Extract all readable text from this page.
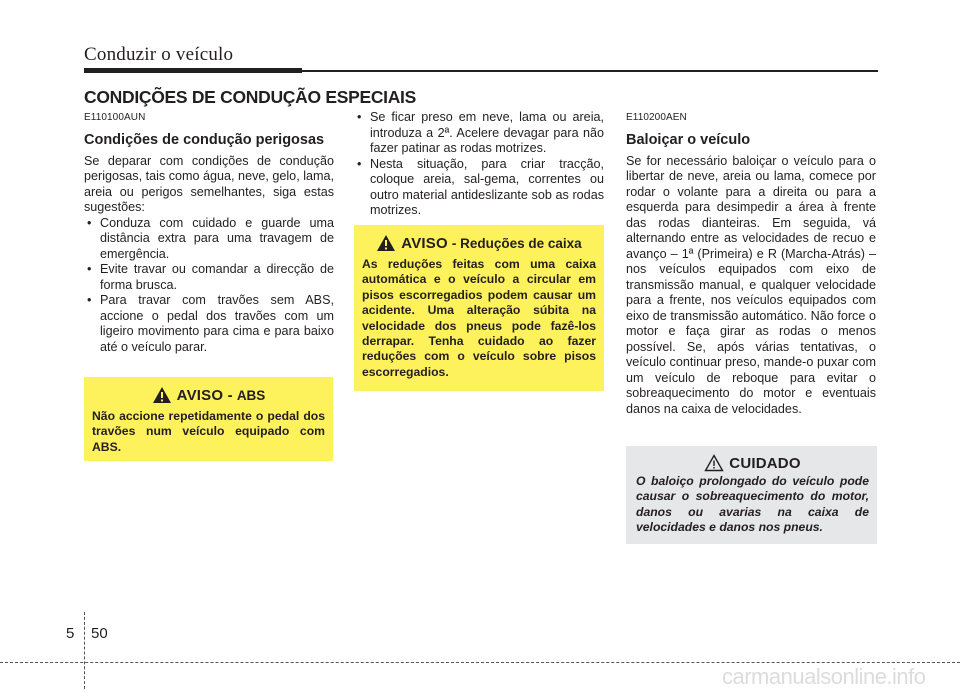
Conduzir o veículo
CONDIÇÕES DE CONDUÇÃO ESPECIAIS

E110100AUN

Condições de condução perigosas

Se deparar com condições de condução perigosas, tais como água, neve, gelo, lama, areia ou perigos semelhantes, siga estas sugestões:

• Conduza com cuidado e guarde uma distância extra para uma travagem de emergência.
• Evite travar ou comandar a direcção de forma brusca.
• Para travar com travões sem ABS, accione o pedal dos travões com um ligeiro movimento para cima e para baixo até o veículo parar.
AVISO - ABS
Não accione repetidamente o pedal dos travões num veículo equipado com ABS.
• Se ficar preso em neve, lama ou areia, introduza a 2ª. Acelere devagar para não fazer patinar as rodas motrizes.
• Nesta situação, para criar tracção, coloque areia, sal-gema, correntes ou outro material antideslizante sob as rodas motrizes.
AVISO - Reduções de caixa
As reduções feitas com uma caixa automática e o veículo a circular em pisos escorregadios podem causar um acidente. Uma alteração súbita na velocidade dos pneus pode fazê-los derrapar. Tenha cuidado ao fazer reduções com o veículo sobre pisos escorregadios.

E110200AEN

Baloiçar o veículo

Se for necessário baloiçar o veículo para o libertar de neve, areia ou lama, comece por rodar o volante para a direita ou para a esquerda para desimpedir a área à frente das rodas dianteiras. Em seguida, vá alternando entre as velocidades de recuo e avanço – 1ª (Primeira) e R (Marcha-Atrás) – nos veículos equipados com eixo de transmissão manual, e qualquer velocidade para a frente, nos veículos equipados com eixo de transmissão automático. Não force o motor e faça girar as rodas o menos possível. Se, após várias tentativas, o veículo continuar preso, mande-o puxar com um veículo de reboque para evitar o sobreaquecimento do motor e eventuais danos na caixa de velocidades.

CUIDADO
O baloiço prolongado do veículo pode causar o sobreaquecimento do motor, danos ou avarias na caixa de velocidades e danos nos pneus.
5 50
carmanualsonline.info
